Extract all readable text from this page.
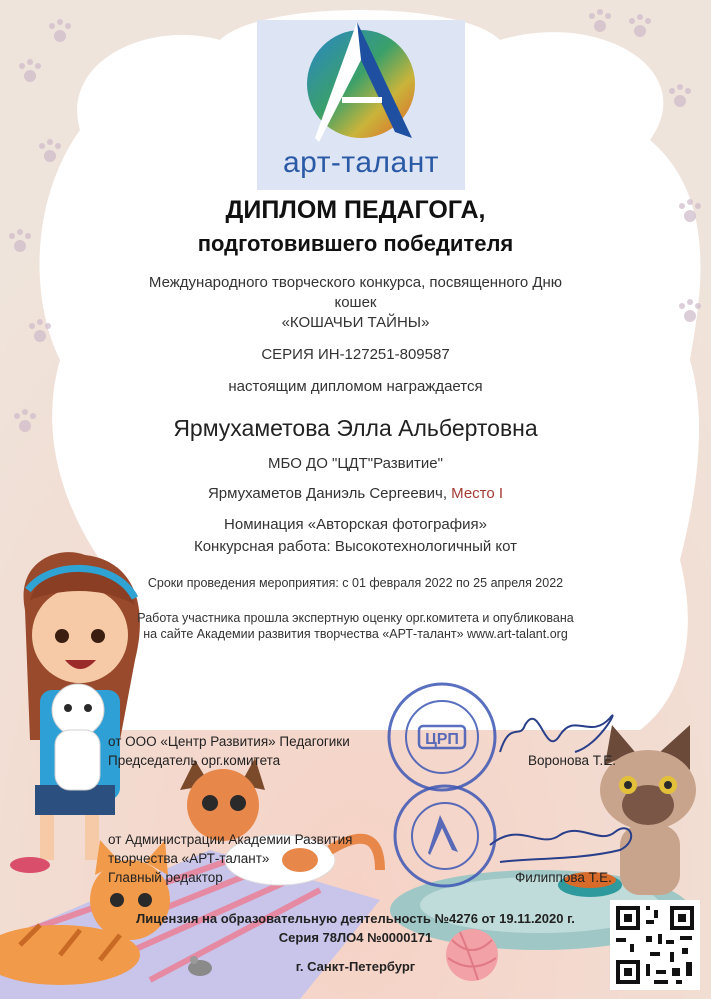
арт-талант
ДИПЛОМ ПЕДАГОГА,
подготовившего победителя
Международного творческого конкурса, посвященного Дню
кошек
«КОШАЧЬИ ТАЙНЫ»
СЕРИЯ ИН-127251-809587
настоящим дипломом награждается
Ярмухаметова Элла Альбертовна
МБО ДО "ЦДТ"Развитие"
Ярмухаметов Даниэль Сергеевич, Место I
Номинация «Авторская фотография»
Конкурсная работа: Высокотехнологичный кот
Сроки проведения мероприятия: с 01 февраля 2022 по 25 апреля 2022
Работа участника прошла экспертную оценку орг.комитета и опубликована
на сайте Академии развития творчества «АРТ-талант» www.art-talant.org
от ООО «Центр Развития» Педагогики
Председатель орг.комитета	Воронова Т.Е.
от Администрации Академии Развития
творчества «АРТ-талант»
Главный редактор	Филиппова Т.Е.
ЦРП
Лицензия на образовательную деятельность №4276 от 19.11.2020 г.
Серия 78ЛО4 №0000171
г. Санкт-Петербург
